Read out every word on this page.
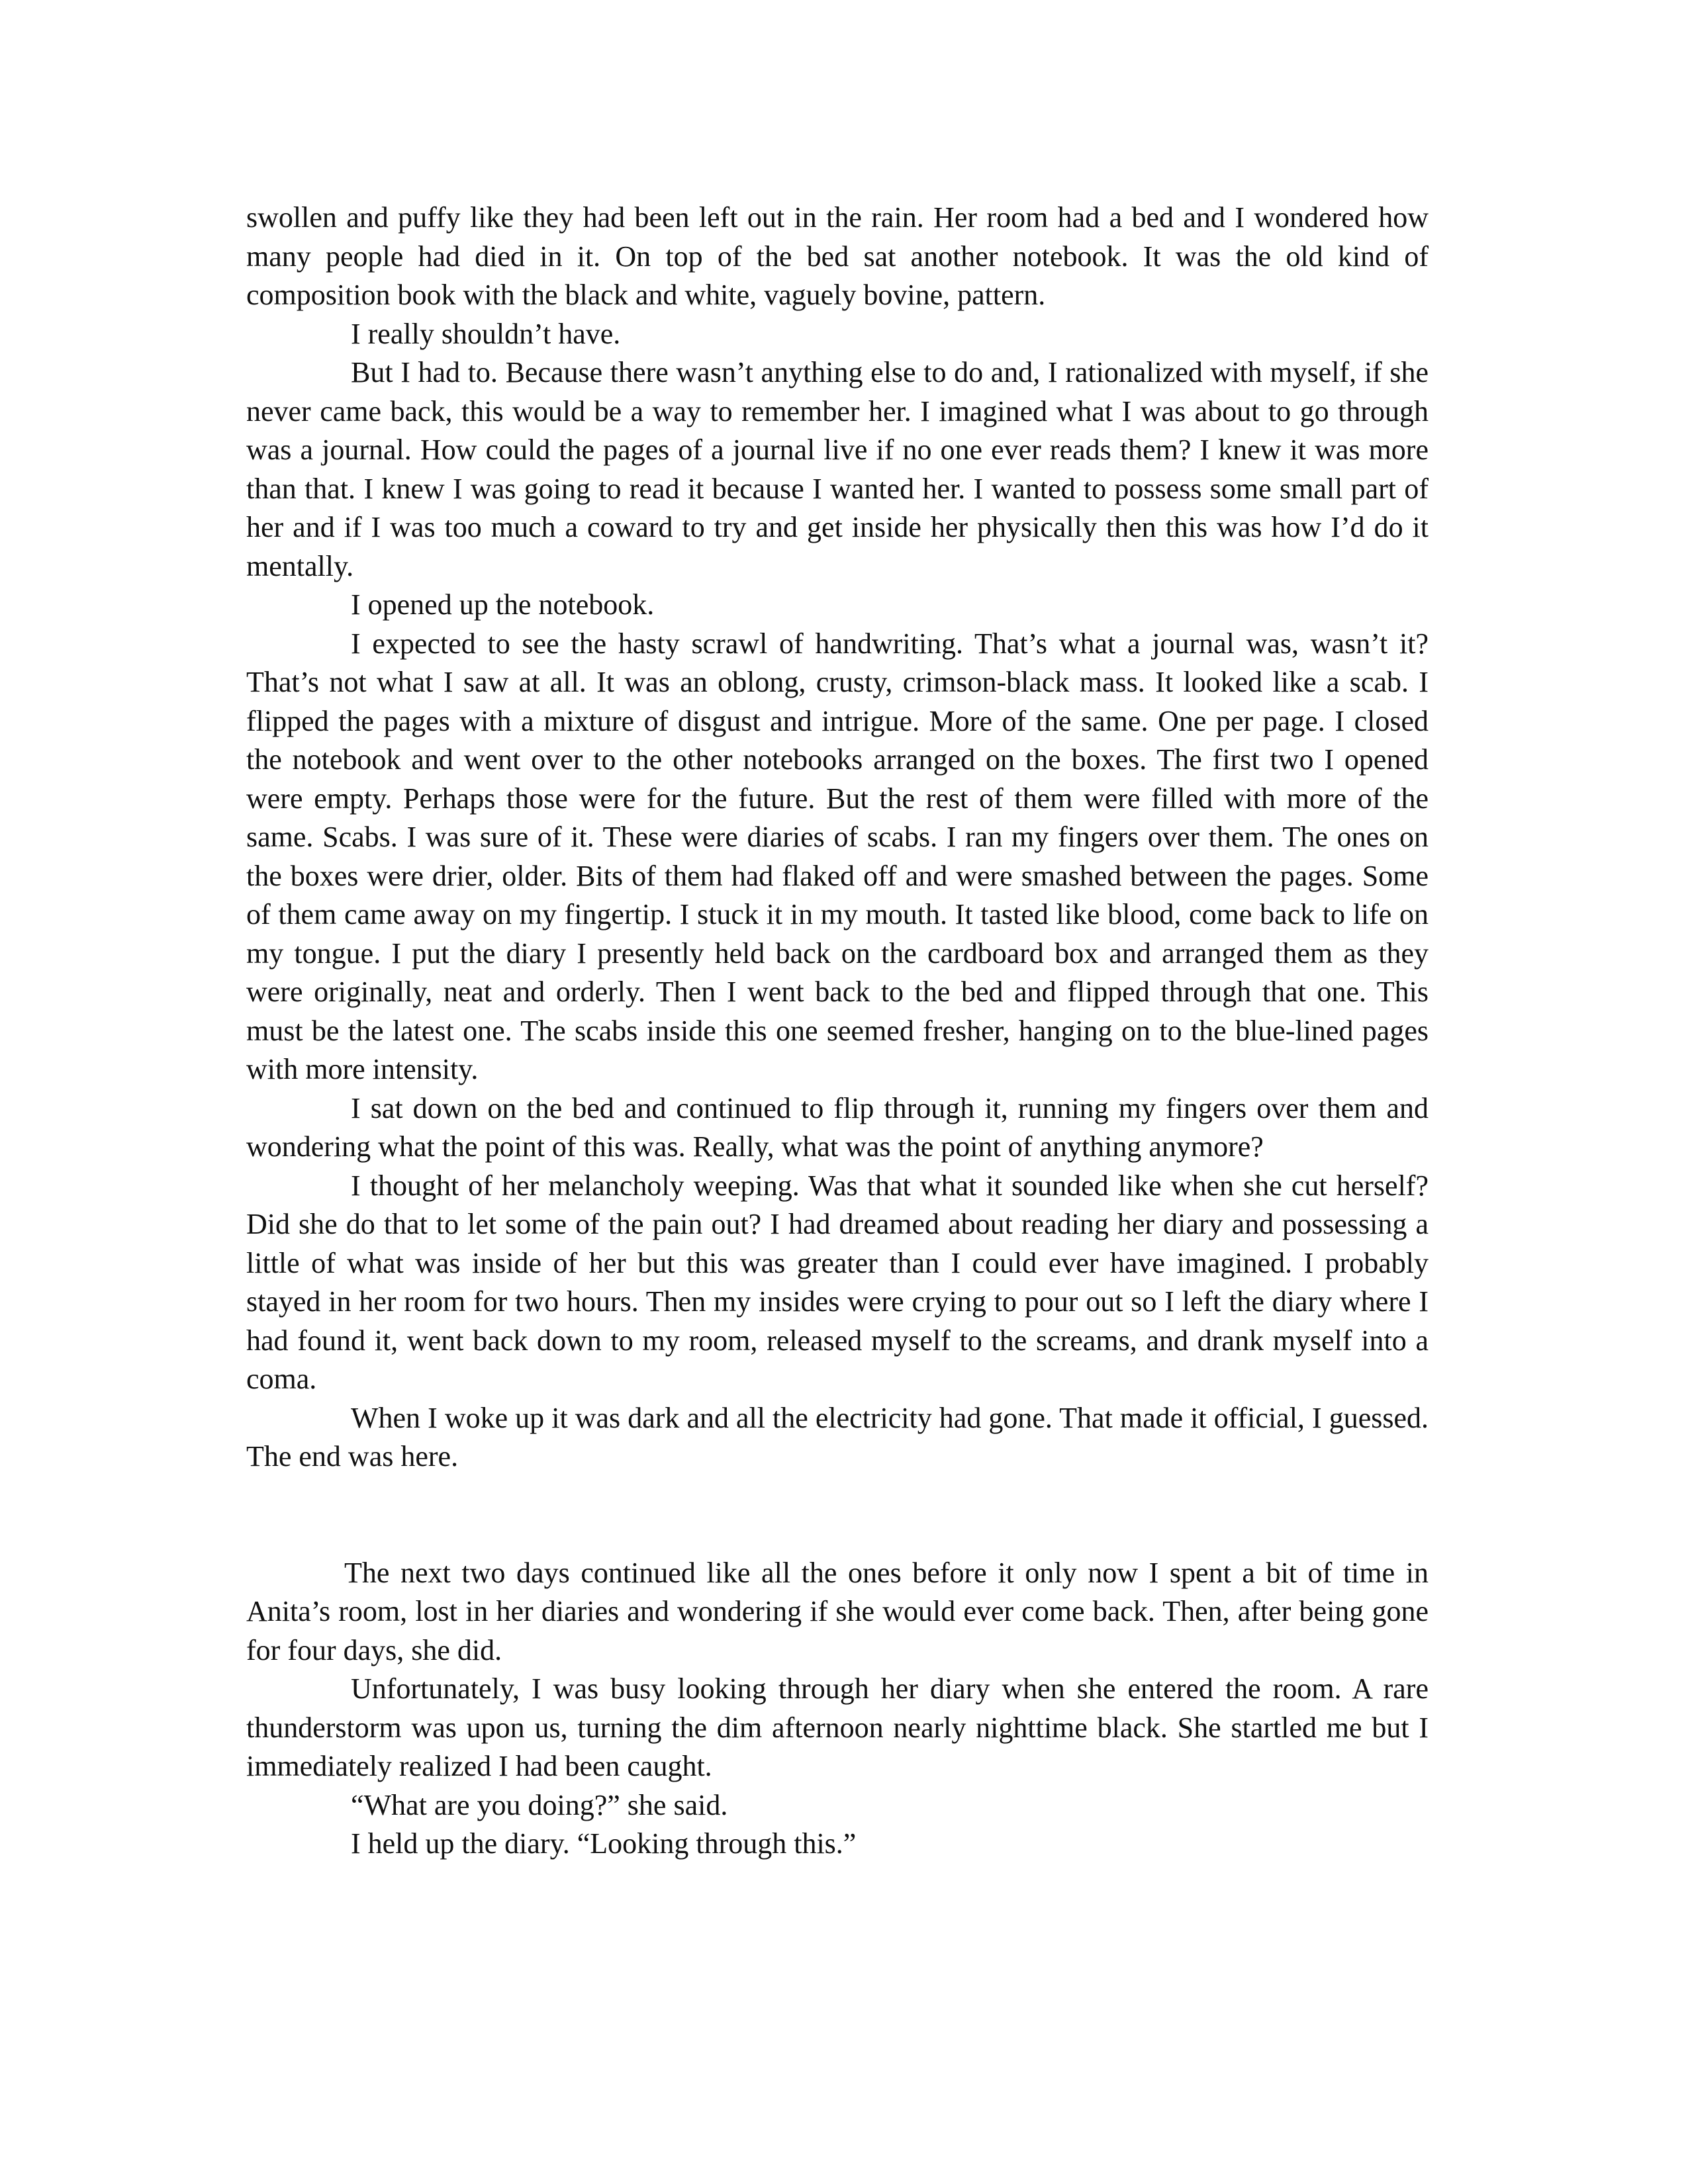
swollen and puffy like they had been left out in the rain. Her room had a bed and I wondered how many people had died in it. On top of the bed sat another notebook. It was the old kind of composition book with the black and white, vaguely bovine, pattern.

I really shouldn’t have.

But I had to. Because there wasn’t anything else to do and, I rationalized with myself, if she never came back, this would be a way to remember her. I imagined what I was about to go through was a journal. How could the pages of a journal live if no one ever reads them? I knew it was more than that. I knew I was going to read it because I wanted her. I wanted to possess some small part of her and if I was too much a coward to try and get inside her physically then this was how I’d do it mentally.

I opened up the notebook.

I expected to see the hasty scrawl of handwriting. That’s what a journal was, wasn’t it? That’s not what I saw at all. It was an oblong, crusty, crimson-black mass. It looked like a scab. I flipped the pages with a mixture of disgust and intrigue. More of the same. One per page. I closed the notebook and went over to the other notebooks arranged on the boxes. The first two I opened were empty. Perhaps those were for the future. But the rest of them were filled with more of the same. Scabs. I was sure of it. These were diaries of scabs. I ran my fingers over them. The ones on the boxes were drier, older. Bits of them had flaked off and were smashed between the pages. Some of them came away on my fingertip. I stuck it in my mouth. It tasted like blood, come back to life on my tongue. I put the diary I presently held back on the cardboard box and arranged them as they were originally, neat and orderly. Then I went back to the bed and flipped through that one. This must be the latest one. The scabs inside this one seemed fresher, hanging on to the blue-lined pages with more intensity.

I sat down on the bed and continued to flip through it, running my fingers over them and wondering what the point of this was. Really, what was the point of anything anymore?

I thought of her melancholy weeping. Was that what it sounded like when she cut herself? Did she do that to let some of the pain out? I had dreamed about reading her diary and possessing a little of what was inside of her but this was greater than I could ever have imagined. I probably stayed in her room for two hours. Then my insides were crying to pour out so I left the diary where I had found it, went back down to my room, released myself to the screams, and drank myself into a coma.

When I woke up it was dark and all the electricity had gone. That made it official, I guessed. The end was here.

The next two days continued like all the ones before it only now I spent a bit of time in Anita’s room, lost in her diaries and wondering if she would ever come back. Then, after being gone for four days, she did.

Unfortunately, I was busy looking through her diary when she entered the room. A rare thunderstorm was upon us, turning the dim afternoon nearly nighttime black. She startled me but I immediately realized I had been caught.

“What are you doing?” she said.

I held up the diary. “Looking through this.”
